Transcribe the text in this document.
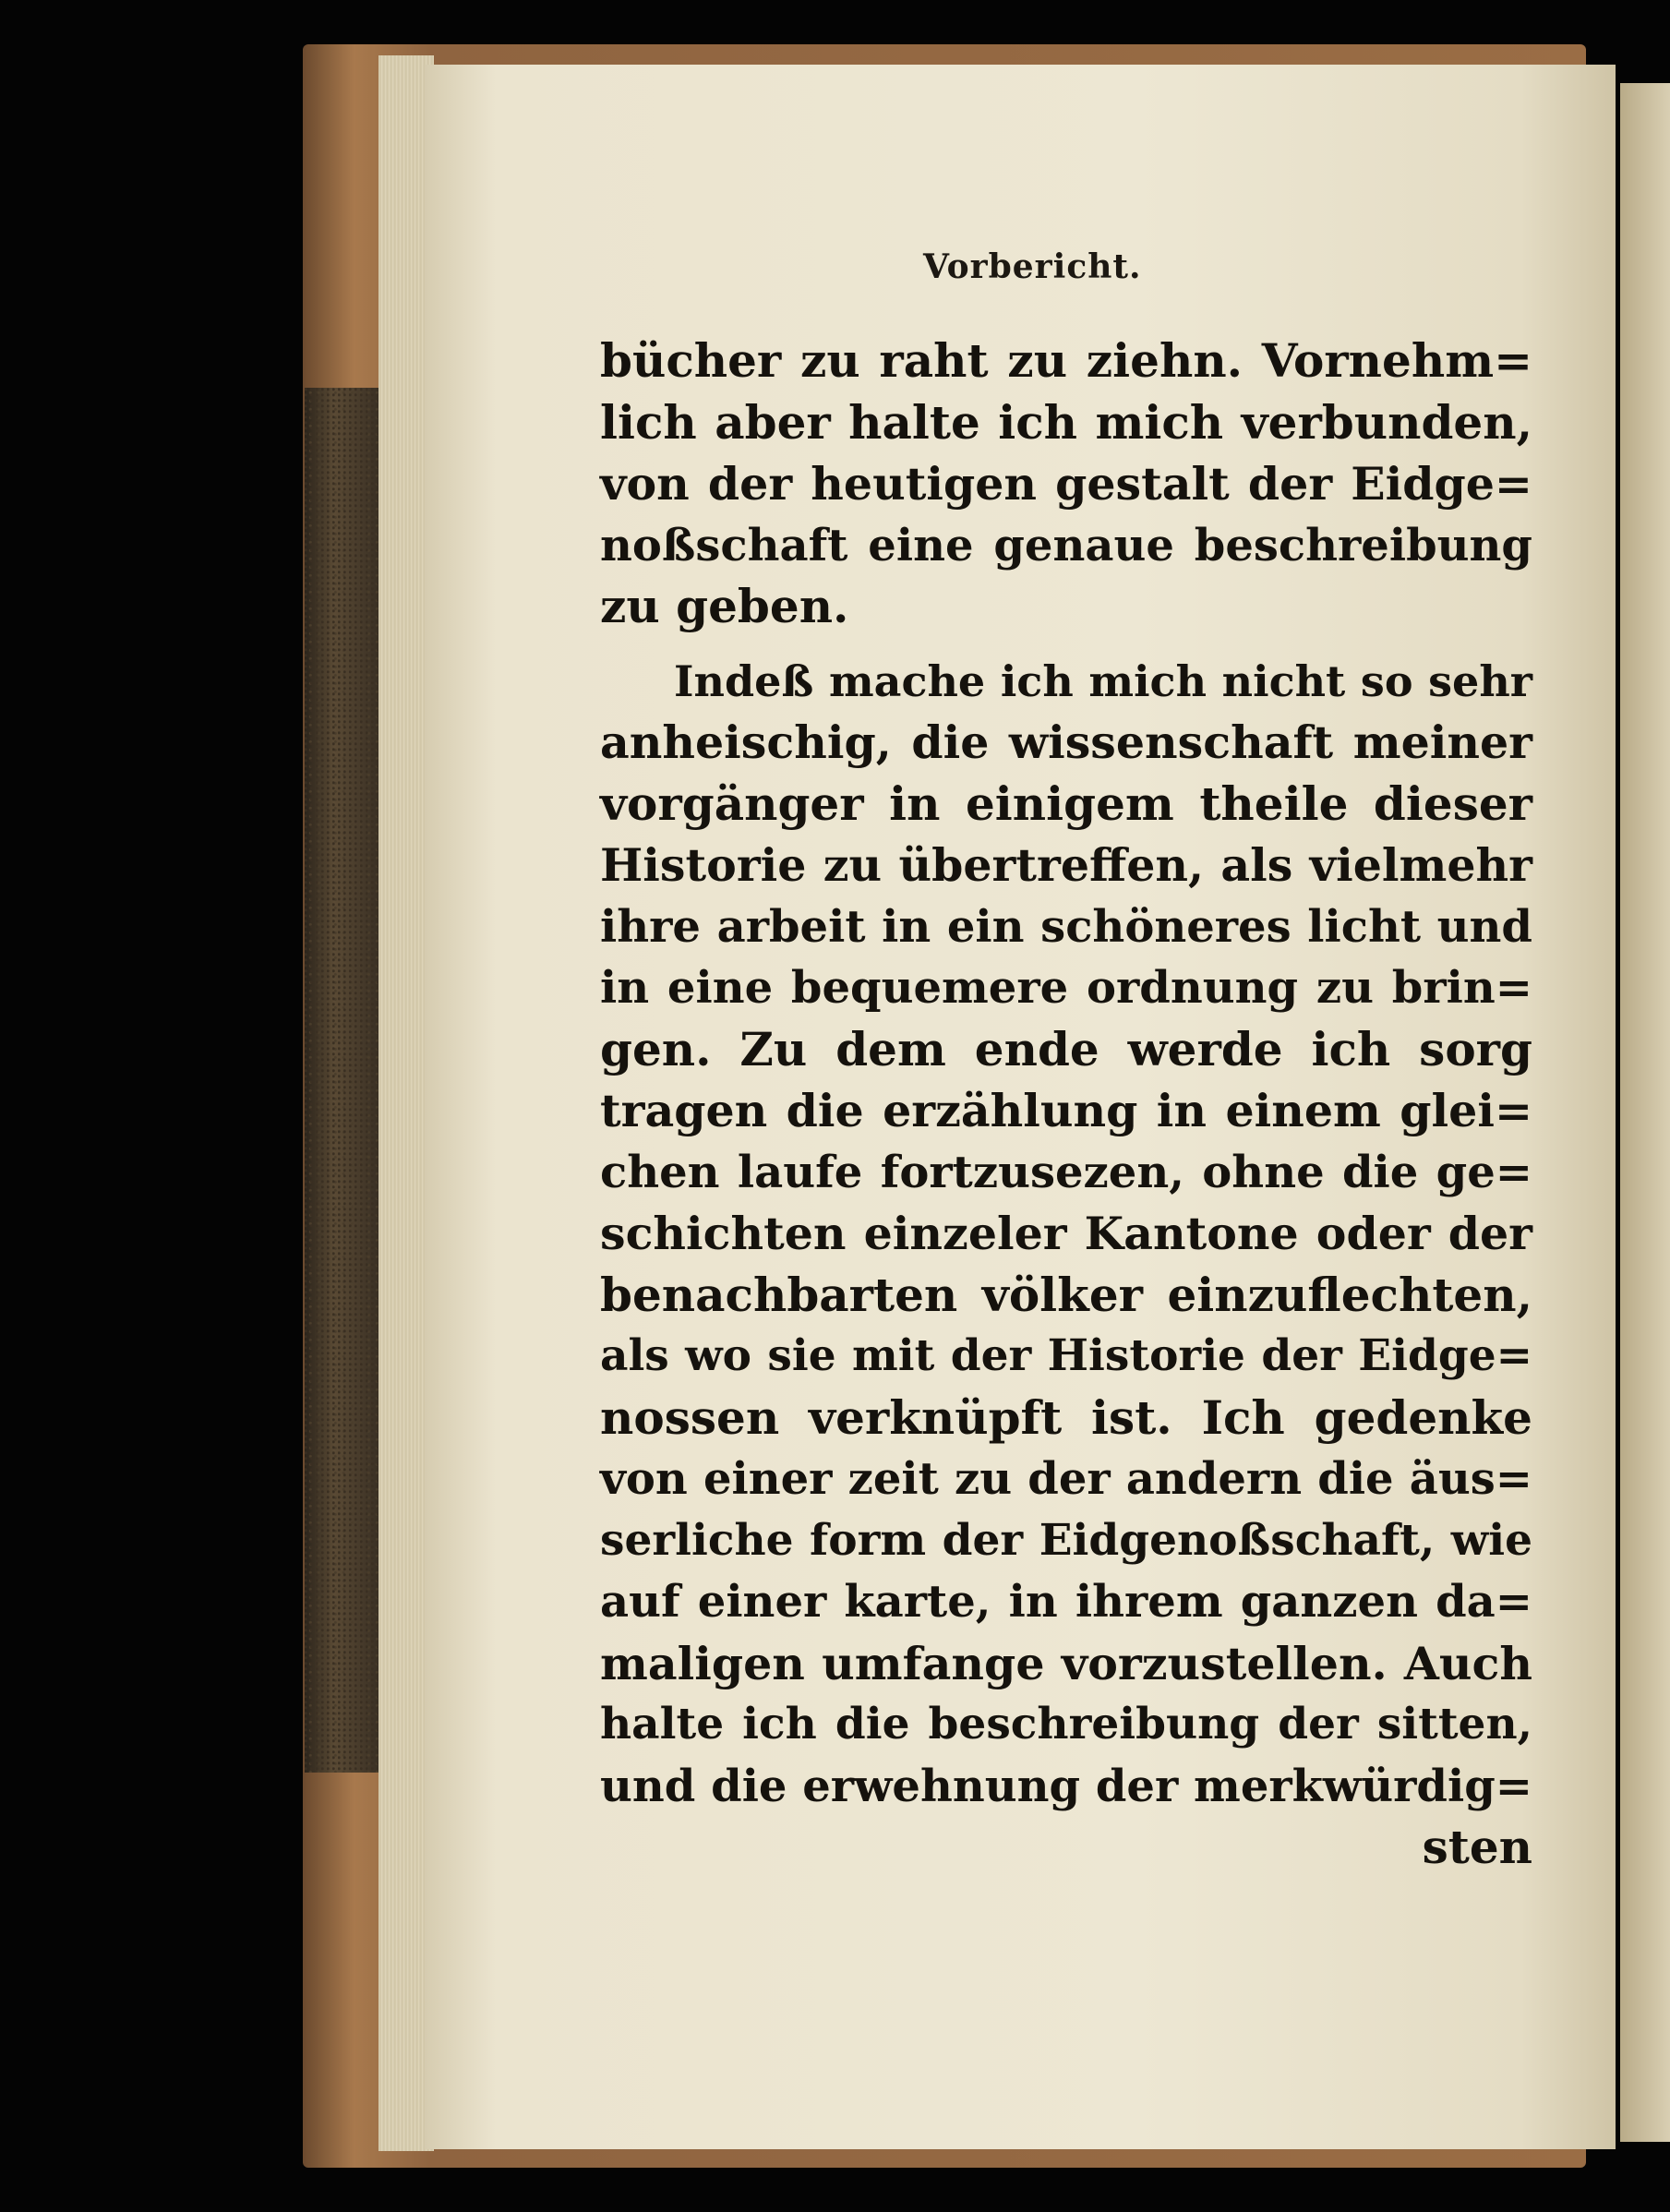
Vorbericht.
bücher zu raht zu ziehn. Vornehm=
lich aber halte ich mich verbunden,
von der heutigen gestalt der Eidge=
noßschaft eine genaue beschreibung
zu geben.
Indeß mache ich mich nicht so sehr
anheischig, die wissenschaft meiner
vorgänger in einigem theile dieser
Historie zu übertreffen, als vielmehr
ihre arbeit in ein schöneres licht und
in eine bequemere ordnung zu brin=
gen. Zu dem ende werde ich sorg
tragen die erzählung in einem glei=
chen laufe fortzusezen, ohne die ge=
schichten einzeler Kantone oder der
benachbarten völker einzuflechten,
als wo sie mit der Historie der Eidge=
nossen verknüpft ist. Ich gedenke
von einer zeit zu der andern die äus=
serliche form der Eidgenoßschaft, wie
auf einer karte, in ihrem ganzen da=
maligen umfange vorzustellen. Auch
halte ich die beschreibung der sitten,
und die erwehnung der merkwürdig=
sten
